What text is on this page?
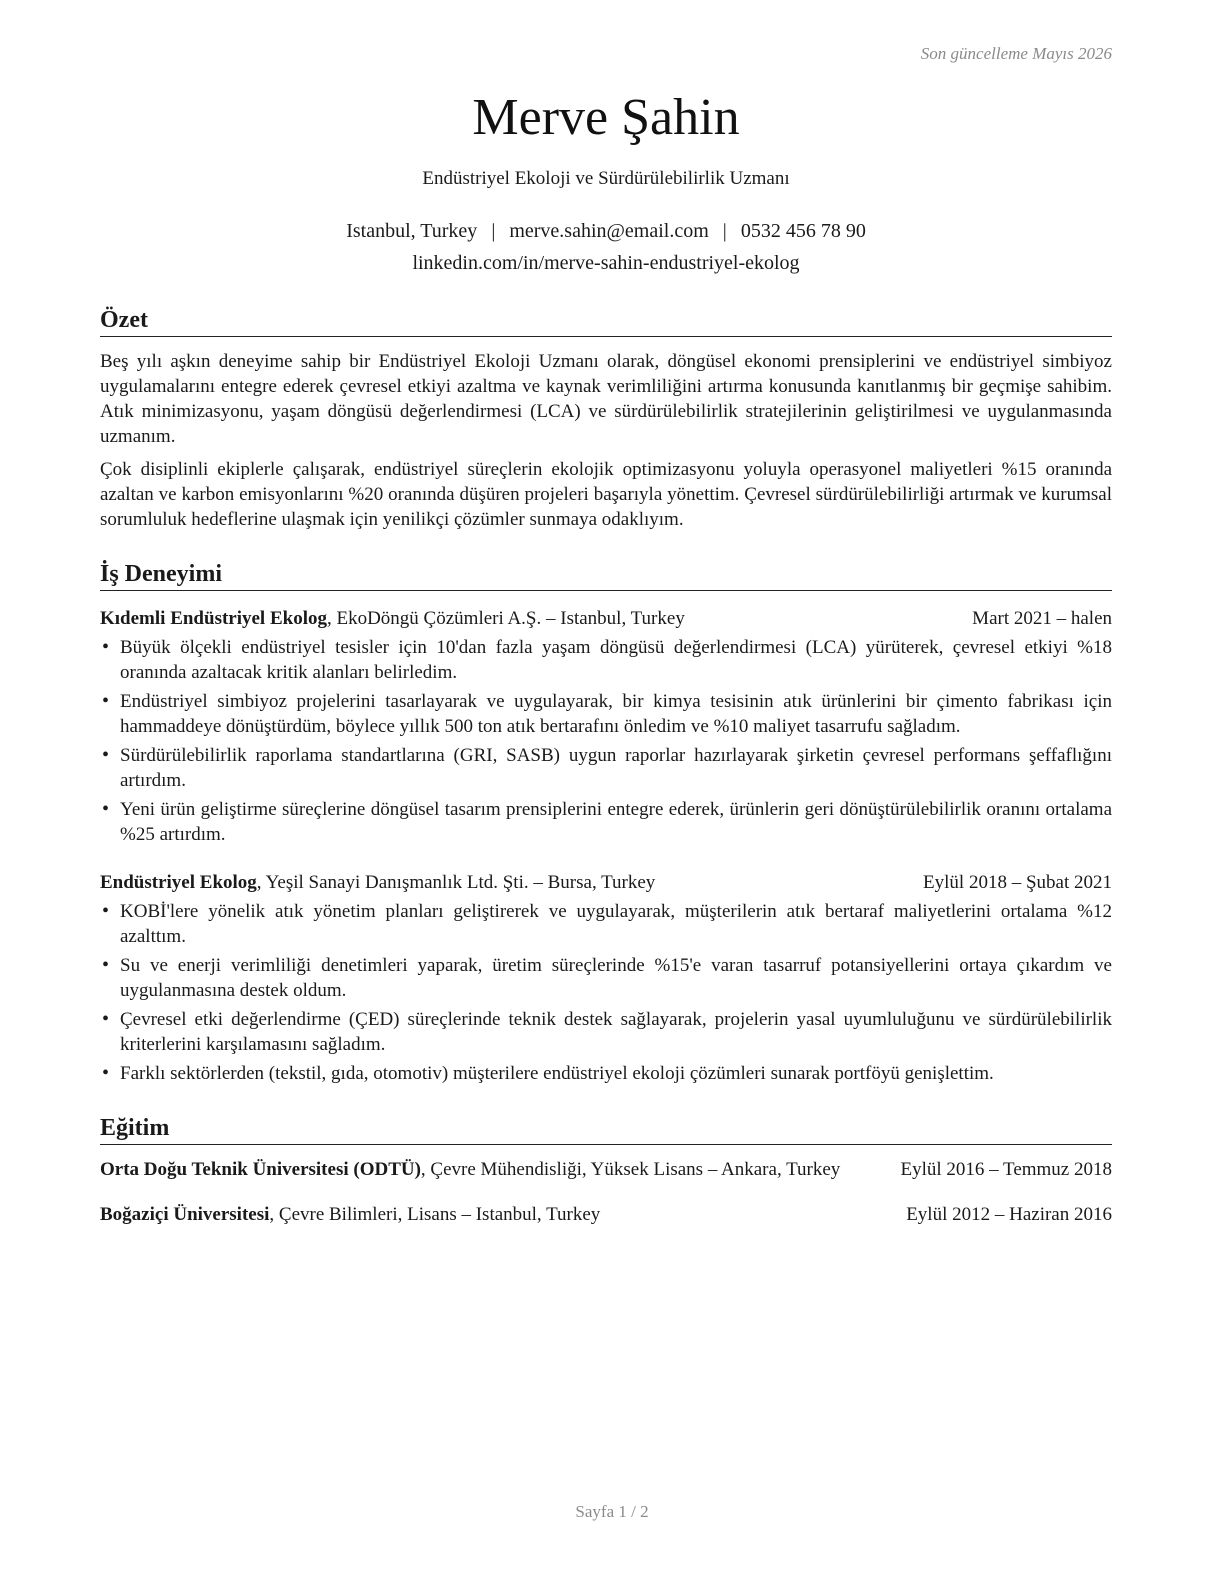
Son güncelleme Mayıs 2026
Merve Şahin
Endüstriyel Ekoloji ve Sürdürülebilirlik Uzmanı
Istanbul, Turkey | merve.sahin@email.com | 0532 456 78 90
linkedin.com/in/merve-sahin-endustriyel-ekolog
Özet

Beş yılı aşkın deneyime sahip bir Endüstriyel Ekoloji Uzmanı olarak, döngüsel ekonomi prensiplerini ve endüstriyel simbiyoz uygulamalarını entegre ederek çevresel etkiyi azaltma ve kaynak verimliliğini artırma konusunda kanıtlanmış bir geçmişe sahibim. Atık minimizasyonu, yaşam döngüsü değerlendirmesi (LCA) ve sürdürülebilirlik stratejilerinin geliştirilmesi ve uygulanmasında uzmanım.

Çok disiplinli ekiplerle çalışarak, endüstriyel süreçlerin ekolojik optimizasyonu yoluyla operasyonel maliyetleri %15 oranında azaltan ve karbon emisyonlarını %20 oranında düşüren projeleri başarıyla yönettim. Çevresel sürdürülebilirliği artırmak ve kurumsal sorumluluk hedeflerine ulaşmak için yenilikçi çözümler sunmaya odaklıyım.

İş Deneyimi
Kıdemli Endüstriyel Ekolog, EkoDöngü Çözümleri A.Ş. – Istanbul, Turkey	Mart 2021 – halen
• Büyük ölçekli endüstriyel tesisler için 10'dan fazla yaşam döngüsü değerlendirmesi (LCA) yürüterek, çevresel etkiyi %18 oranında azaltacak kritik alanları belirledim.
• Endüstriyel simbiyoz projelerini tasarlayarak ve uygulayarak, bir kimya tesisinin atık ürünlerini bir çimento fabrikası için hammaddeye dönüştürdüm, böylece yıllık 500 ton atık bertarafını önledim ve %10 maliyet tasarrufu sağladım.
• Sürdürülebilirlik raporlama standartlarına (GRI, SASB) uygun raporlar hazırlayarak şirketin çevresel performans şeffaflığını artırdım.
• Yeni ürün geliştirme süreçlerine döngüsel tasarım prensiplerini entegre ederek, ürünlerin geri dönüştürülebilirlik oranını ortalama %25 artırdım.
Endüstriyel Ekolog, Yeşil Sanayi Danışmanlık Ltd. Şti. – Bursa, Turkey	Eylül 2018 – Şubat 2021
• KOBİ'lere yönelik atık yönetim planları geliştirerek ve uygulayarak, müşterilerin atık bertaraf maliyetlerini ortalama %12 azalttım.
• Su ve enerji verimliliği denetimleri yaparak, üretim süreçlerinde %15'e varan tasarruf potansiyellerini ortaya çıkardım ve uygulanmasına destek oldum.
• Çevresel etki değerlendirme (ÇED) süreçlerinde teknik destek sağlayarak, projelerin yasal uyumluluğunu ve sürdürülebilirlik kriterlerini karşılamasını sağladım.
• Farklı sektörlerden (tekstil, gıda, otomotiv) müşterilere endüstriyel ekoloji çözümleri sunarak portföyü genişlettim.
Eğitim
Orta Doğu Teknik Üniversitesi (ODTÜ), Çevre Mühendisliği, Yüksek Lisans – Ankara, Turkey	Eylül 2016 – Temmuz 2018
Boğaziçi Üniversitesi, Çevre Bilimleri, Lisans – Istanbul, Turkey	Eylül 2012 – Haziran 2016
Sayfa 1 / 2
